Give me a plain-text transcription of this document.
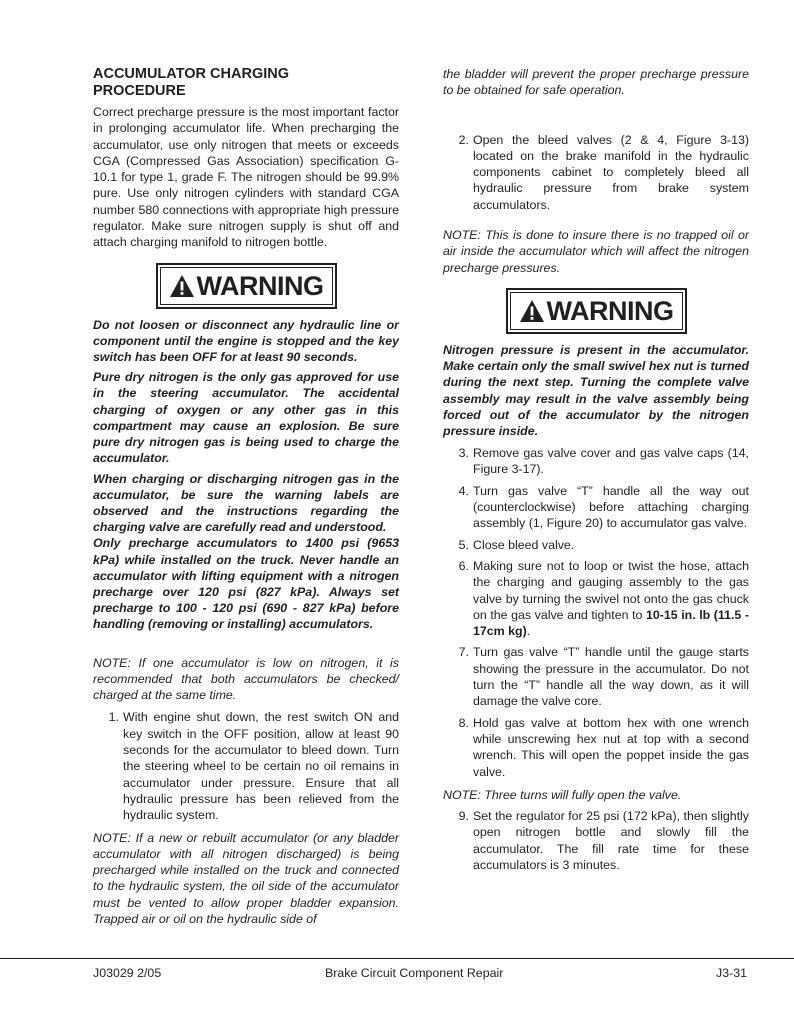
ACCUMULATOR CHARGING
PROCEDURE

Correct precharge pressure is the most important factor in prolonging accumulator life. When precharging the accumulator, use only nitrogen that meets or exceeds CGA (Compressed Gas Association) specification G-10.1 for type 1, grade F. The nitrogen should be 99.9% pure. Use only nitrogen cylinders with standard CGA number 580 connections with appropriate high pressure regulator. Make sure nitrogen supply is shut off and attach charging manifold to nitrogen bottle.

WARNING

Do not loosen or disconnect any hydraulic line or component until the engine is stopped and the key switch has been OFF for at least 90 seconds.

Pure dry nitrogen is the only gas approved for use in the steering accumulator. The accidental charging of oxygen or any other gas in this compartment may cause an explosion. Be sure pure dry nitrogen gas is being used to charge the accumulator.

When charging or discharging nitrogen gas in the accumulator, be sure the warning labels are observed and the instructions regarding the charging valve are carefully read and understood.

Only precharge accumulators to 1400 psi (9653 kPa) while installed on the truck. Never handle an accumulator with lifting equipment with a nitrogen precharge over 120 psi (827 kPa). Always set precharge to 100 - 120 psi (690 - 827 kPa) before handling (removing or installing) accumulators.

NOTE: If one accumulator is low on nitrogen, it is recommended that both accumulators be checked/ charged at the same time.

1. With engine shut down, the rest switch ON and key switch in the OFF position, allow at least 90 seconds for the accumulator to bleed down. Turn the steering wheel to be certain no oil remains in accumulator under pressure. Ensure that all hydraulic pressure has been relieved from the hydraulic system.

NOTE: If a new or rebuilt accumulator (or any bladder accumulator with all nitrogen discharged) is being precharged while installed on the truck and connected to the hydraulic system, the oil side of the accumulator must be vented to allow proper bladder expansion. Trapped air or oil on the hydraulic side of

the bladder will prevent the proper precharge pressure to be obtained for safe operation.

2. Open the bleed valves (2 & 4, Figure 3-13) located on the brake manifold in the hydraulic components cabinet to completely bleed all hydraulic pressure from brake system accumulators.

NOTE: This is done to insure there is no trapped oil or air inside the accumulator which will affect the nitrogen precharge pressures.

WARNING

Nitrogen pressure is present in the accumulator. Make certain only the small swivel hex nut is turned during the next step. Turning the complete valve assembly may result in the valve assembly being forced out of the accumulator by the nitrogen pressure inside.

3. Remove gas valve cover and gas valve caps (14, Figure 3-17).
4. Turn gas valve “T” handle all the way out (counterclockwise) before attaching charging assembly (1, Figure 20) to accumulator gas valve.
5. Close bleed valve.
6. Making sure not to loop or twist the hose, attach the charging and gauging assembly to the gas valve by turning the swivel not onto the gas chuck on the gas valve and tighten to 10-15 in. lb (11.5 - 17cm kg).
7. Turn gas valve “T” handle until the gauge starts showing the pressure in the accumulator. Do not turn the “T” handle all the way down, as it will damage the valve core.
8. Hold gas valve at bottom hex with one wrench while unscrewing hex nut at top with a second wrench. This will open the poppet inside the gas valve.

NOTE: Three turns will fully open the valve.

9. Set the regulator for 25 psi (172 kPa), then slightly open nitrogen bottle and slowly fill the accumulator. The fill rate time for these accumulators is 3 minutes.
J03029 2/05	Brake Circuit Component Repair	J3-31
